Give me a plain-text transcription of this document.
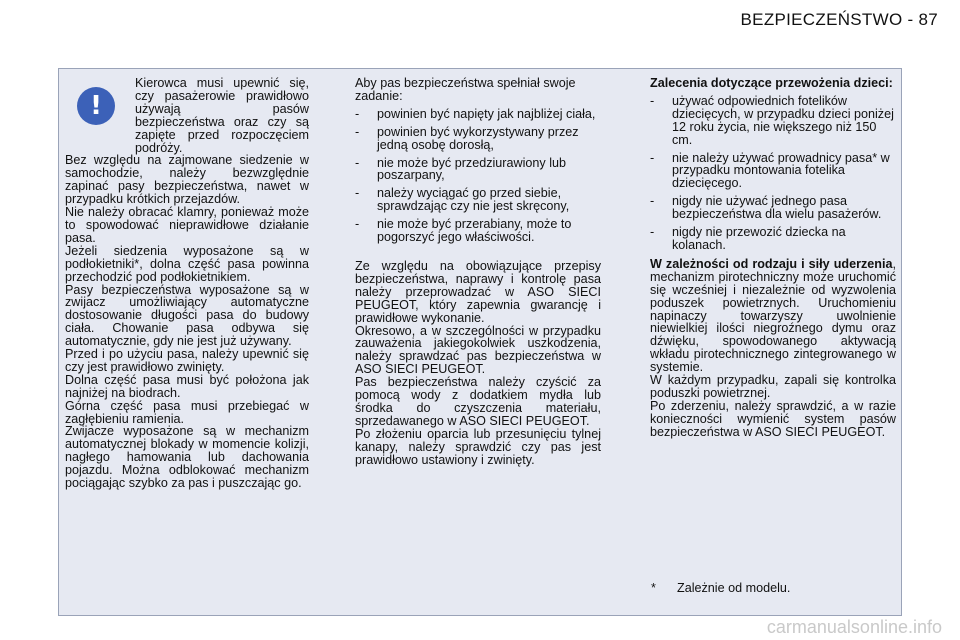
BEZPIECZEŃSTWO - 87
!

Kierowca musi upewnić się, czy pasażerowie prawidłowo używają pasów bezpieczeństwa oraz czy są zapięte przed rozpoczęciem podróży.

Bez względu na zajmowane siedzenie w samochodzie, należy bezwzględnie zapinać pasy bezpieczeństwa, nawet w przypadku krótkich przejazdów.

Nie należy obracać klamry, ponieważ może to spowodować nieprawidłowe działanie pasa.

Jeżeli siedzenia wyposażone są w podłokietniki*, dolna część pasa powinna przechodzić pod podłokietnikiem.

Pasy bezpieczeństwa wyposażone są w zwijacz umożliwiający automatyczne dostosowanie długości pasa do budowy ciała. Chowanie pasa odbywa się automatycznie, gdy nie jest już używany.

Przed i po użyciu pasa, należy upewnić się czy jest prawidłowo zwinięty.

Dolna część pasa musi być położona jak najniżej na biodrach.

Górna część pasa musi przebiegać w zagłębieniu ramienia.

Zwijacze wyposażone są w mechanizm automatycznej blokady w momencie kolizji, nagłego hamowania lub dachowania pojazdu. Można odblokować mechanizm pociągając szybko za pas i puszczając go.

Aby pas bezpieczeństwa spełniał swoje zadanie:

- powinien być napięty jak najbliżej ciała,
- powinien być wykorzystywany przez jedną osobę dorosłą,
- nie może być przedziurawiony lub poszarpany,
- należy wyciągać go przed siebie, sprawdzając czy nie jest skręcony,
- nie może być przerabiany, może to pogorszyć jego właściwości.

Ze względu na obowiązujące przepisy bezpieczeństwa, naprawy i kontrolę pasa należy przeprowadzać w ASO SIECI PEUGEOT, który zapewnia gwarancję i prawidłowe wykonanie.

Okresowo, a w szczególności w przypadku zauważenia jakiegokolwiek uszkodzenia, należy sprawdzać pas bezpieczeństwa w ASO SIECI PEUGEOT.

Pas bezpieczeństwa należy czyścić za pomocą wody z dodatkiem mydła lub środka do czyszczenia materiału, sprzedawanego w ASO SIECI PEUGEOT.

Po złożeniu oparcia lub przesunięciu tylnej kanapy, należy sprawdzić czy pas jest prawidłowo ustawiony i zwinięty.

Zalecenia dotyczące przewożenia dzieci:

- używać odpowiednich fotelików dziecięcych, w przypadku dzieci poniżej 12 roku życia, nie większego niż 150 cm.
- nie należy używać prowadnicy pasa* w przypadku montowania fotelika dziecięcego.
- nigdy nie używać jednego pasa bezpieczeństwa dla wielu pasażerów.
- nigdy nie przewozić dziecka na kolanach.

W zależności od rodzaju i siły uderzenia, mechanizm pirotechniczny może uruchomić się wcześniej i niezależnie od wyzwolenia poduszek powietrznych. Uruchomieniu napinaczy towarzyszy uwolnienie niewielkiej ilości niegroźnego dymu oraz dźwięku, spowodowanego aktywacją wkładu pirotechnicznego zintegrowanego w systemie.

W każdym przypadku, zapali się kontrolka poduszki powietrznej.

Po zderzeniu, należy sprawdzić, a w razie konieczności wymienić system pasów bezpieczeństwa w ASO SIECI PEUGEOT.

* Zależnie od modelu.
carmanualsonline.info
